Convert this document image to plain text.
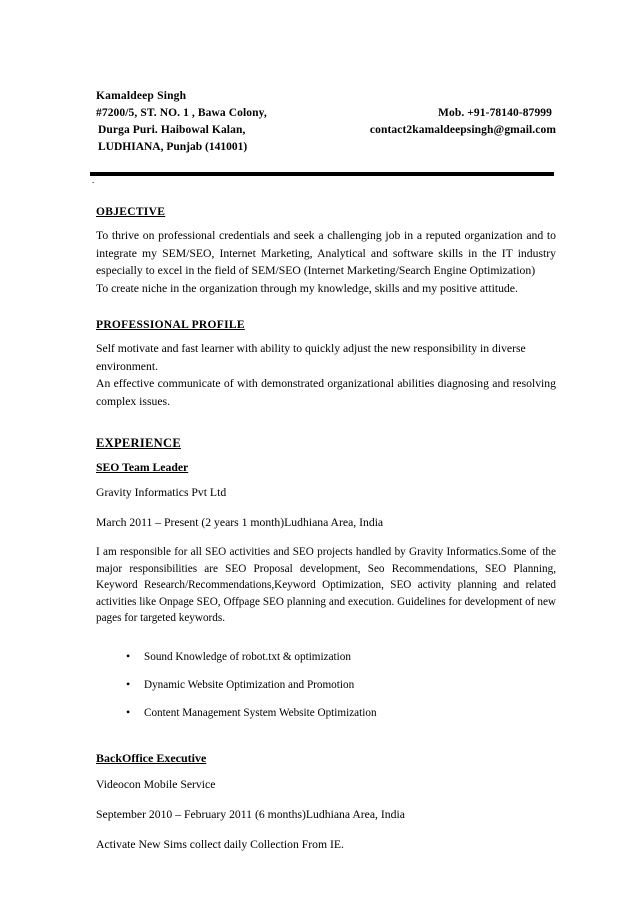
Kamaldeep Singh
#7200/5, ST. NO. 1 , Bawa Colony,	Mob. +91-78140-87999
Durga Puri. Haibowal Kalan,	contact2kamaldeepsingh@gmail.com
LUDHIANA, Punjab (141001)
.
OBJECTIVE
To thrive on professional credentials and seek a challenging job in a reputed organization and to integrate my SEM/SEO, Internet Marketing, Analytical and software skills in the IT industry especially to excel in the field of SEM/SEO (Internet Marketing/Search Engine Optimization)
To create niche in the organization through my knowledge, skills and my positive attitude.
PROFESSIONAL PROFILE
Self motivate and fast learner with ability to quickly adjust the new responsibility in diverse environment.
An effective communicate of with demonstrated organizational abilities diagnosing and resolving complex issues.
EXPERIENCE
SEO Team Leader
Gravity Informatics Pvt Ltd
March 2011 – Present (2 years 1 month)Ludhiana Area, India
I am responsible for all SEO activities and SEO projects handled by Gravity Informatics.Some of the major responsibilities are SEO Proposal development, Seo Recommendations, SEO Planning, Keyword Research/Recommendations,Keyword Optimization, SEO activity planning and related activities like Onpage SEO, Offpage SEO planning and execution. Guidelines for development of new pages for targeted keywords.
• Sound Knowledge of robot.txt & optimization
• Dynamic Website Optimization and Promotion
• Content Management System Website Optimization
BackOffice Executive
Videocon Mobile Service
September 2010 – February 2011 (6 months)Ludhiana Area, India
Activate New Sims collect daily Collection From IE.
